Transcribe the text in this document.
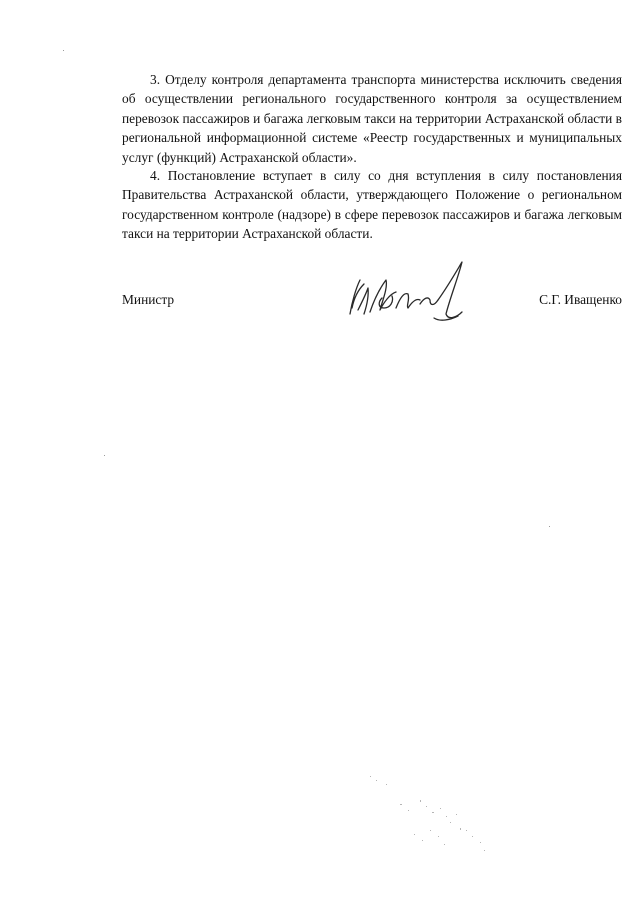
3. Отделу контроля департамента транспорта министерства исключить сведения об осуществлении регионального государственного контроля за осуществлением перевозок пассажиров и багажа легковым такси на территории Астраханской области в региональной информационной системе «Реестр государственных и муниципальных услуг (функций) Астраханской области».

4. Постановление вступает в силу со дня вступления в силу постановления Правительства Астраханской области, утверждающего Положение о региональном государственном контроле (надзоре) в сфере перевозок пассажиров и багажа легковым такси на территории Астраханской области.

Министр	С.Г. Иващенко
